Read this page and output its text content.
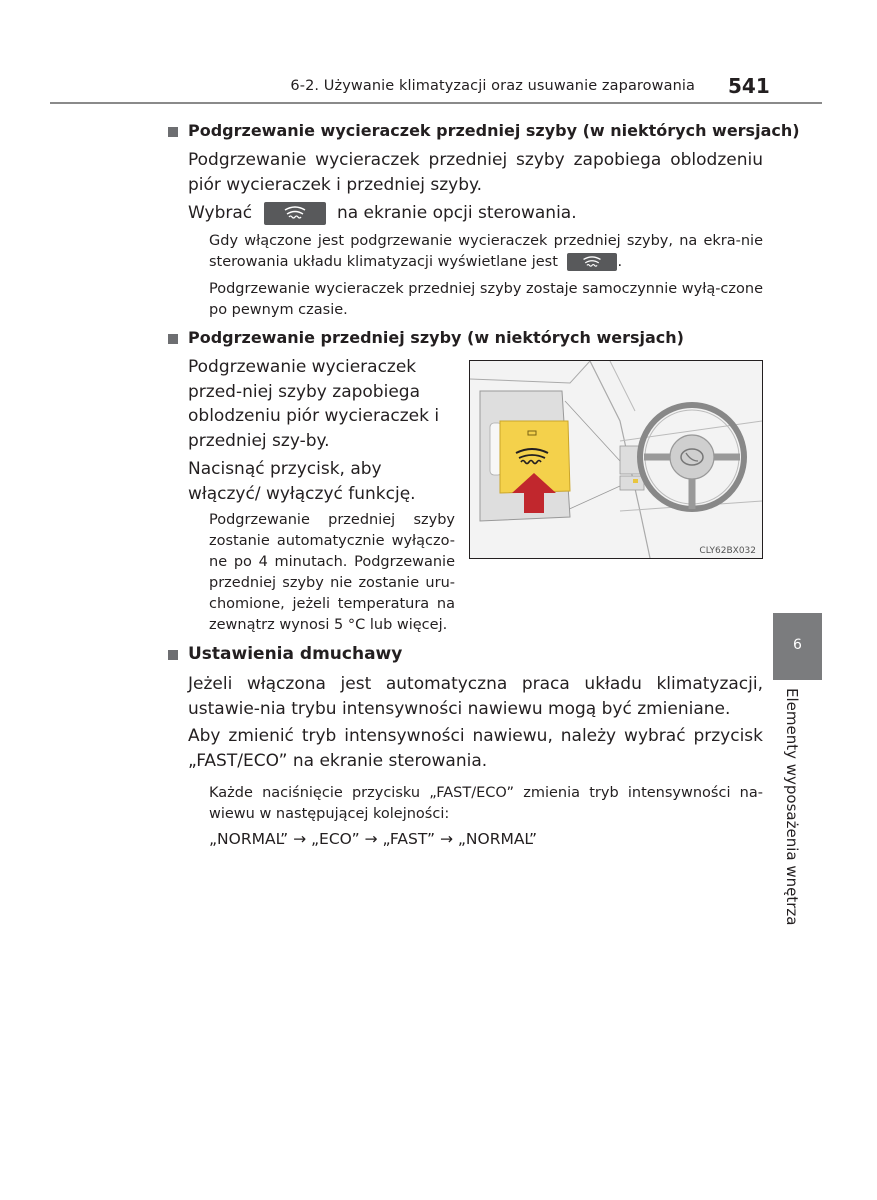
6-2. Używanie klimatyzacji oraz usuwanie zaparowania 541
Podgrzewanie wycieraczek przedniej szyby (w niektórych wersjach)
Podgrzewanie wycieraczek przedniej szyby zapobiega oblodzeniu piór wycieraczek i przedniej szyby.
Wybrać	na ekranie opcji sterowania.
Gdy włączone jest podgrzewanie wycieraczek przedniej szyby, na ekra-nie sterowania układu klimatyzacji wyświetlane jest	.
Podgrzewanie wycieraczek przedniej szyby zostaje samoczynnie wyłą-czone po pewnym czasie.
Podgrzewanie przedniej szyby (w niektórych wersjach)
Podgrzewanie wycieraczek przed-niej szyby zapobiega oblodzeniu piór wycieraczek i przedniej szy-by.
Nacisnąć przycisk, aby włączyć/ wyłączyć funkcję.
Podgrzewanie przedniej szyby zostanie automatycznie wyłączo-ne po 4 minutach. Podgrzewanie przedniej szyby nie zostanie uru-chomione, jeżeli temperatura na zewnątrz wynosi 5 °C lub więcej.
CLY62BX032
Ustawienia dmuchawy
Jeżeli włączona jest automatyczna praca układu klimatyzacji, ustawie-nia trybu intensywności nawiewu mogą być zmieniane.
Aby zmienić tryb intensywności nawiewu, należy wybrać przycisk „FAST/ECO” na ekranie sterowania.
Każde naciśnięcie przycisku „FAST/ECO” zmienia tryb intensywności na-wiewu w następującej kolejności:
„NORMAL” → „ECO” → „FAST” → „NORMAL”
6
Elementy wyposażenia wnętrza
